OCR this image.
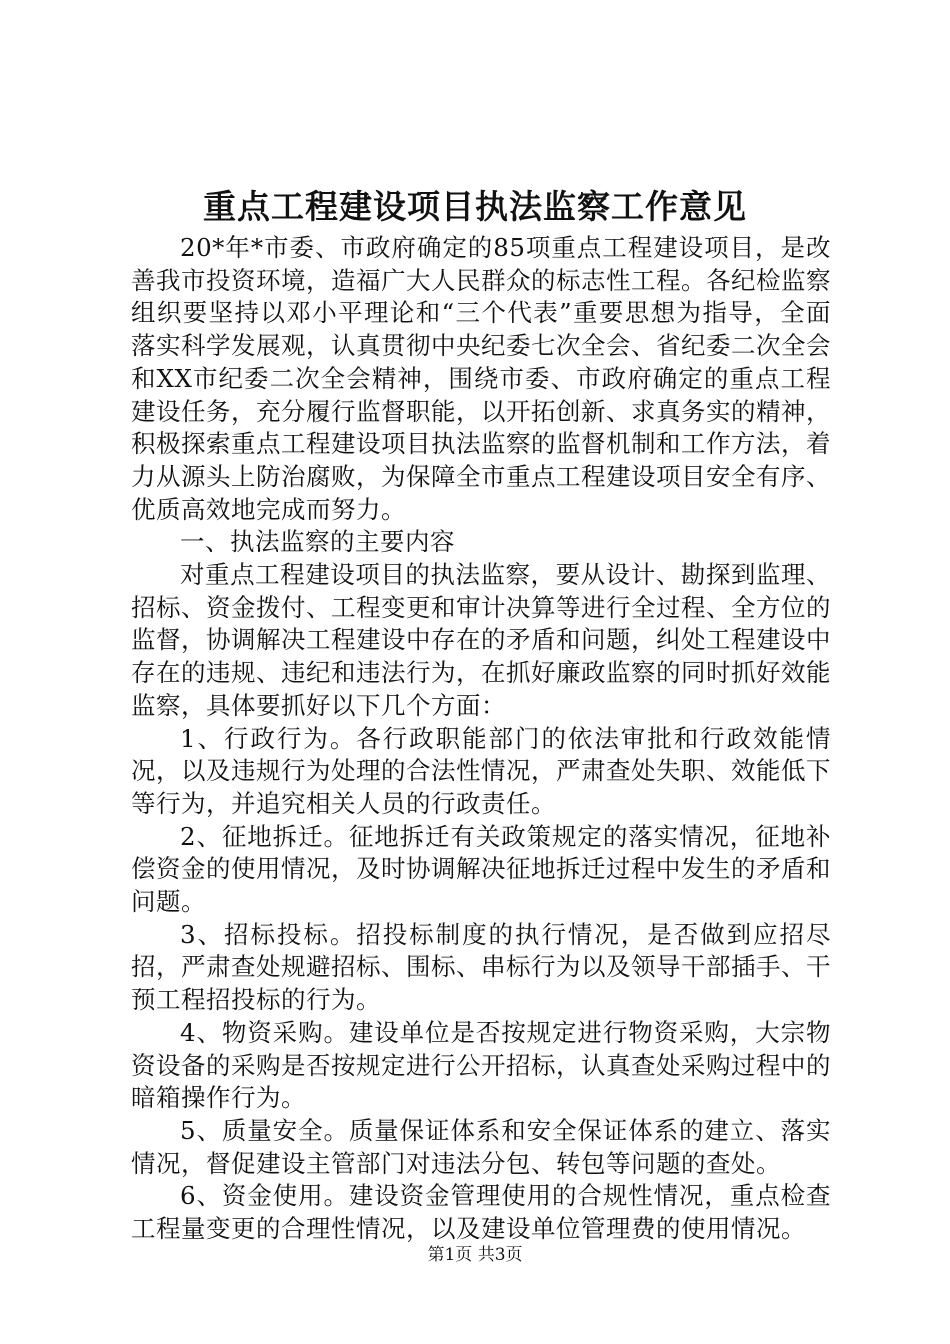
重点工程建设项目执法监察工作意见

20*年*市委、市政府确定的85项重点工程建设项目，是改善我市投资环境，造福广大人民群众的标志性工程。各纪检监察组织要坚持以邓小平理论和“三个代表”重要思想为指导，全面落实科学发展观，认真贯彻中央纪委七次全会、省纪委二次全会和XX市纪委二次全会精神，围绕市委、市政府确定的重点工程建设任务，充分履行监督职能，以开拓创新、求真务实的精神，积极探索重点工程建设项目执法监察的监督机制和工作方法，着力从源头上防治腐败，为保障全市重点工程建设项目安全有序、优质高效地完成而努力。

一、执法监察的主要内容

对重点工程建设项目的执法监察，要从设计、勘探到监理、招标、资金拨付、工程变更和审计决算等进行全过程、全方位的监督，协调解决工程建设中存在的矛盾和问题，纠处工程建设中存在的违规、违纪和违法行为，在抓好廉政监察的同时抓好效能监察，具体要抓好以下几个方面：

1、行政行为。各行政职能部门的依法审批和行政效能情况，以及违规行为处理的合法性情况，严肃查处失职、效能低下等行为，并追究相关人员的行政责任。

2、征地拆迁。征地拆迁有关政策规定的落实情况，征地补偿资金的使用情况，及时协调解决征地拆迁过程中发生的矛盾和问题。

3、招标投标。招投标制度的执行情况，是否做到应招尽招，严肃查处规避招标、围标、串标行为以及领导干部插手、干预工程招投标的行为。

4、物资采购。建设单位是否按规定进行物资采购，大宗物资设备的采购是否按规定进行公开招标，认真查处采购过程中的暗箱操作行为。

5、质量安全。质量保证体系和安全保证体系的建立、落实情况，督促建设主管部门对违法分包、转包等问题的查处。

6、资金使用。建设资金管理使用的合规性情况，重点检查工程量变更的合理性情况，以及建设单位管理费的使用情况。

第1页 共3页
